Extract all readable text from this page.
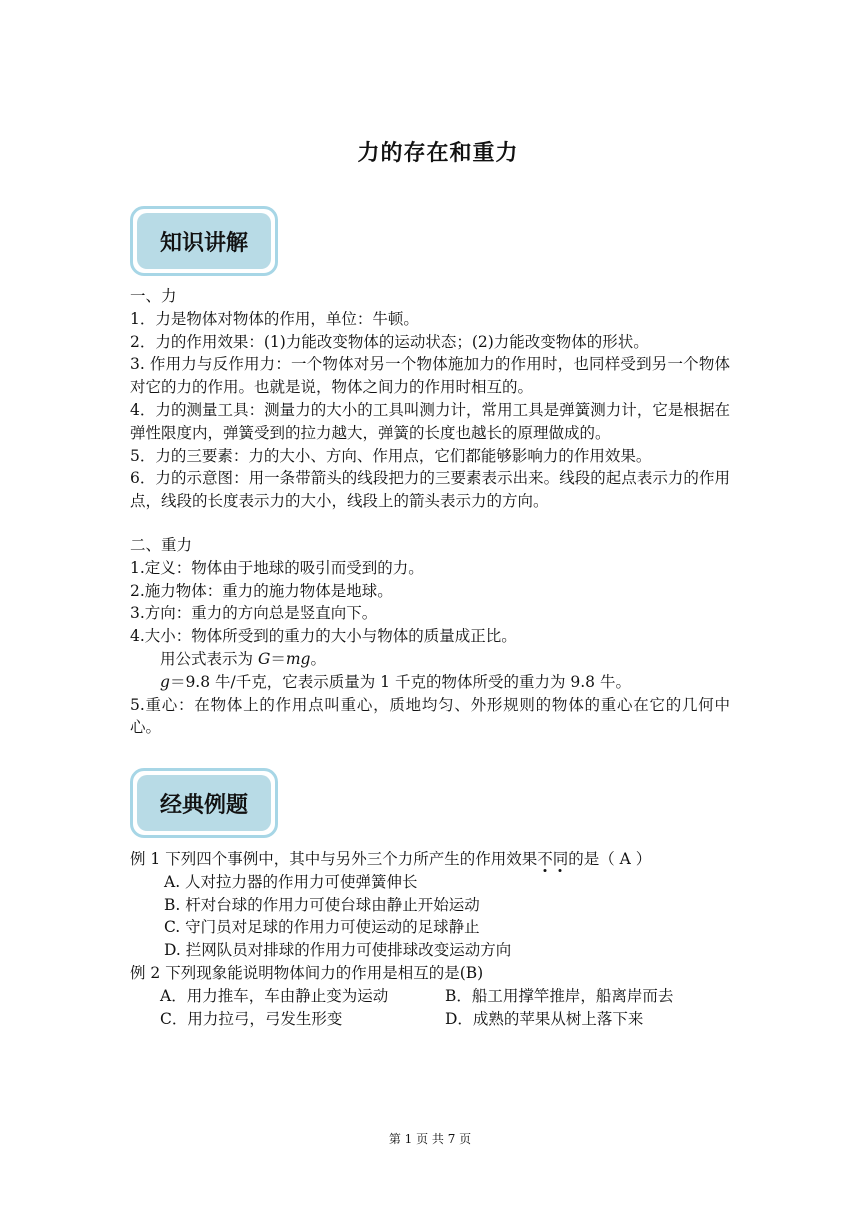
力的存在和重力
知识讲解
一、力
1．力是物体对物体的作用，单位：牛顿。
2．力的作用效果：(1)力能改变物体的运动状态；(2)力能改变物体的形状。
3. 作用力与反作用力：一个物体对另一个物体施加力的作用时，也同样受到另一个物体对它的力的作用。也就是说，物体之间力的作用时相互的。
4．力的测量工具：测量力的大小的工具叫测力计，常用工具是弹簧测力计，它是根据在弹性限度内，弹簧受到的拉力越大，弹簧的长度也越长的原理做成的。
5．力的三要素：力的大小、方向、作用点，它们都能够影响力的作用效果。
6．力的示意图：用一条带箭头的线段把力的三要素表示出来。线段的起点表示力的作用点，线段的长度表示力的大小，线段上的箭头表示力的方向。
二、重力
1.定义：物体由于地球的吸引而受到的力。
2.施力物体：重力的施力物体是地球。
3.方向：重力的方向总是竖直向下。
4.大小：物体所受到的重力的大小与物体的质量成正比。
用公式表示为 G＝mg。
g＝9.8 牛/千克，它表示质量为 1 千克的物体所受的重力为 9.8 牛。
5.重心：在物体上的作用点叫重心，质地均匀、外形规则的物体的重心在它的几何中心。
经典例题
例 1 下列四个事例中，其中与另外三个力所产生的作用效果不同的是（ A ）
A. 人对拉力器的作用力可使弹簧伸长
B. 杆对台球的作用力可使台球由静止开始运动
C. 守门员对足球的作用力可使运动的足球静止
D. 拦网队员对排球的作用力可使排球改变运动方向
例 2 下列现象能说明物体间力的作用是相互的是(B)
A．用力推车，车由静止变为运动	B．船工用撑竿推岸，船离岸而去
C．用力拉弓，弓发生形变	D．成熟的苹果从树上落下来
第 1 页 共 7 页
